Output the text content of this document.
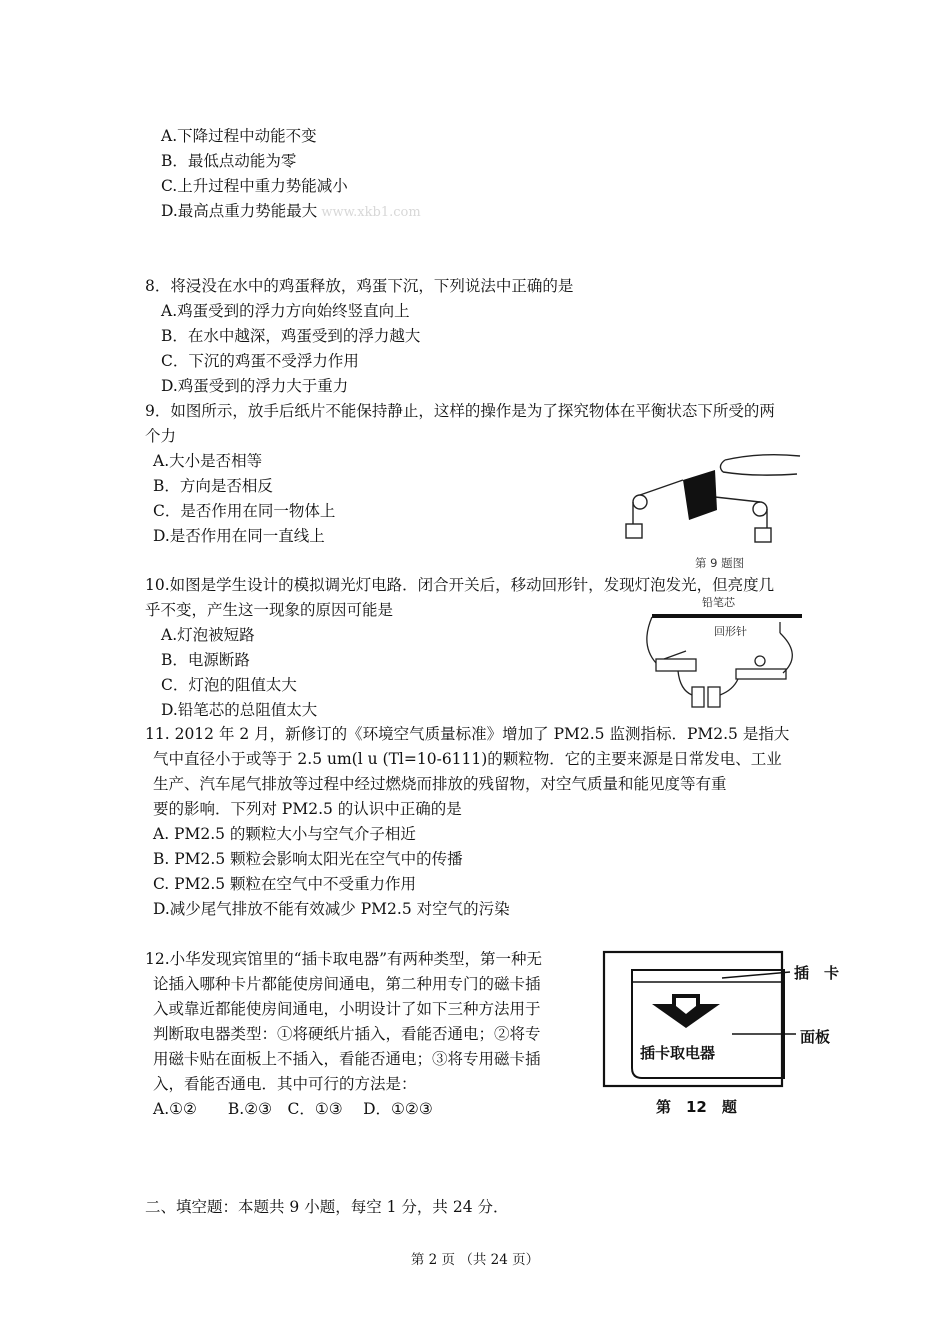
A.下降过程中动能不变
B．最低点动能为零
C.上升过程中重力势能减小
D.最高点重力势能最大 www.xkb1.com
8．将浸没在水中的鸡蛋释放，鸡蛋下沉，下列说法中正确的是
A.鸡蛋受到的浮力方向始终竖直向上
B．在水中越深，鸡蛋受到的浮力越大
C．下沉的鸡蛋不受浮力作用
D.鸡蛋受到的浮力大于重力
9．如图所示，放手后纸片不能保持静止，这样的操作是为了探究物体在平衡状态下所受的两
个力
A.大小是否相等
B．方向是否相反
C．是否作用在同一物体上
D.是否作用在同一直线上
第 9 题图
10.如图是学生设计的模拟调光灯电路．闭合开关后，移动回形针，发现灯泡发光，但亮度几
乎不变，产生这一现象的原因可能是
A.灯泡被短路
B．电源断路
C．灯泡的阻值太大
D.铅笔芯的总阻值太大
铅笔芯
回形针
11. 2012 年 2 月，新修订的《环境空气质量标准》增加了 PM2.5 监测指标．PM2.5 是指大
气中直径小于或等于 2.5 um(l u (Tl=10-6111)的颗粒物．它的主要来源是日常发电、工业
生产、汽车尾气排放等过程中经过燃烧而排放的残留物，对空气质量和能见度等有重
要的影响．下列对 PM2.5 的认识中正确的是
A. PM2.5 的颗粒大小与空气介子相近
B. PM2.5 颗粒会影响太阳光在空气中的传播
C. PM2.5 颗粒在空气中不受重力作用
D.减少尾气排放不能有效减少 PM2.5 对空气的污染
12.小华发现宾馆里的“插卡取电器”有两种类型，第一种无
论插入哪种卡片都能使房间通电，第二种用专门的磁卡插
入或靠近都能使房间通电，小明设计了如下三种方法用于
判断取电器类型：①将硬纸片插入，看能否通电；②将专
用磁卡贴在面板上不插入，看能否通电；③将专用磁卡插
入，看能否通电．其中可行的方法是：
A.①②　　B.②③　C．①③　 D．①②③
插卡取电器
插　卡
面板
第　12　题
二、填空题：本题共 9 小题，每空 1 分，共 24 分．
第 2 页 （共 24 页）
